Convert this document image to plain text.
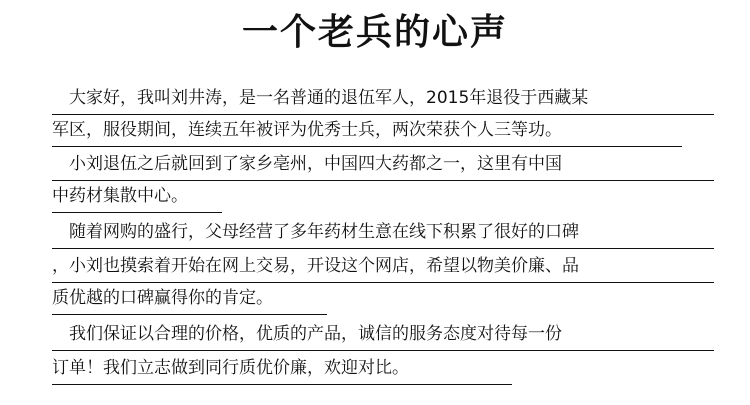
一个老兵的心声
　大家好，我叫刘井涛，是一名普通的退伍军人，2015年退役于西藏某
军区，服役期间，连续五年被评为优秀士兵，两次荣获个人三等功。
　小刘退伍之后就回到了家乡亳州，中国四大药都之一，这里有中国
中药材集散中心。
　随着网购的盛行，父母经营了多年药材生意在线下积累了很好的口碑
，小刘也摸索着开始在网上交易，开设这个网店，希望以物美价廉、品
质优越的口碑赢得你的肯定。
　我们保证以合理的价格，优质的产品，诚信的服务态度对待每一份
订单！我们立志做到同行质优价廉，欢迎对比。
